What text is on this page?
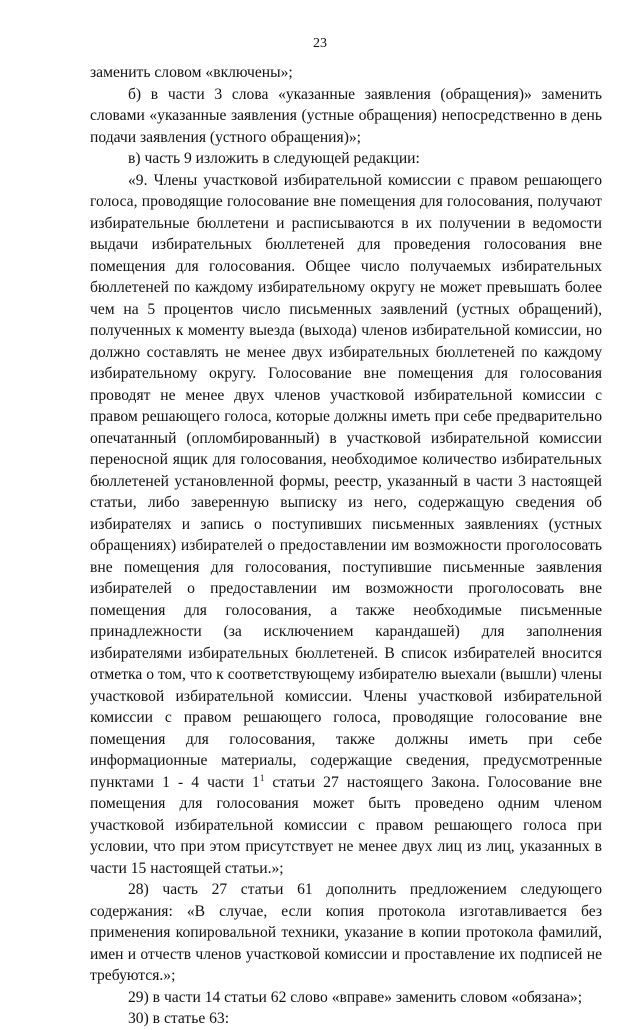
23

заменить словом «включены»;

б) в части 3 слова «указанные заявления (обращения)» заменить словами «указанные заявления (устные обращения) непосредственно в день подачи заявления (устного обращения)»;

в) часть 9 изложить в следующей редакции:

«9. Члены участковой избирательной комиссии с правом решающего голоса, проводящие голосование вне помещения для голосования, получают избирательные бюллетени и расписываются в их получении в ведомости выдачи избирательных бюллетеней для проведения голосования вне помещения для голосования. Общее число получаемых избирательных бюллетеней по каждому избирательному округу не может превышать более чем на 5 процентов число письменных заявлений (устных обращений), полученных к моменту выезда (выхода) членов избирательной комиссии, но должно составлять не менее двух избирательных бюллетеней по каждому избирательному округу. Голосование вне помещения для голосования проводят не менее двух членов участковой избирательной комиссии с правом решающего голоса, которые должны иметь при себе предварительно опечатанный (опломбированный) в участковой избирательной комиссии переносной ящик для голосования, необходимое количество избирательных бюллетеней установленной формы, реестр, указанный в части 3 настоящей статьи, либо заверенную выписку из него, содержащую сведения об избирателях и запись о поступивших письменных заявлениях (устных обращениях) избирателей о предоставлении им возможности проголосовать вне помещения для голосования, поступившие письменные заявления избирателей о предоставлении им возможности проголосовать вне помещения для голосования, а также необходимые письменные принадлежности (за исключением карандашей) для заполнения избирателями избирательных бюллетеней. В список избирателей вносится отметка о том, что к соответствующему избирателю выехали (вышли) члены участковой избирательной комиссии. Члены участковой избирательной комиссии с правом решающего голоса, проводящие голосование вне помещения для голосования, также должны иметь при себе информационные материалы, содержащие сведения, предусмотренные пунктами 1 - 4 части $1^1$ статьи 27 настоящего Закона. Голосование вне помещения для голосования может быть проведено одним членом участковой избирательной комиссии с правом решающего голоса при условии, что при этом присутствует не менее двух лиц из лиц, указанных в части 15 настоящей статьи.»;

28) часть 27 статьи 61 дополнить предложением следующего содержания: «В случае, если копия протокола изготавливается без применения копировальной техники, указание в копии протокола фамилий, имен и отчеств членов участковой комиссии и проставление их подписей не требуются.»;

29) в части 14 статьи 62 слово «вправе» заменить словом «обязана»;

30) в статье 63:
